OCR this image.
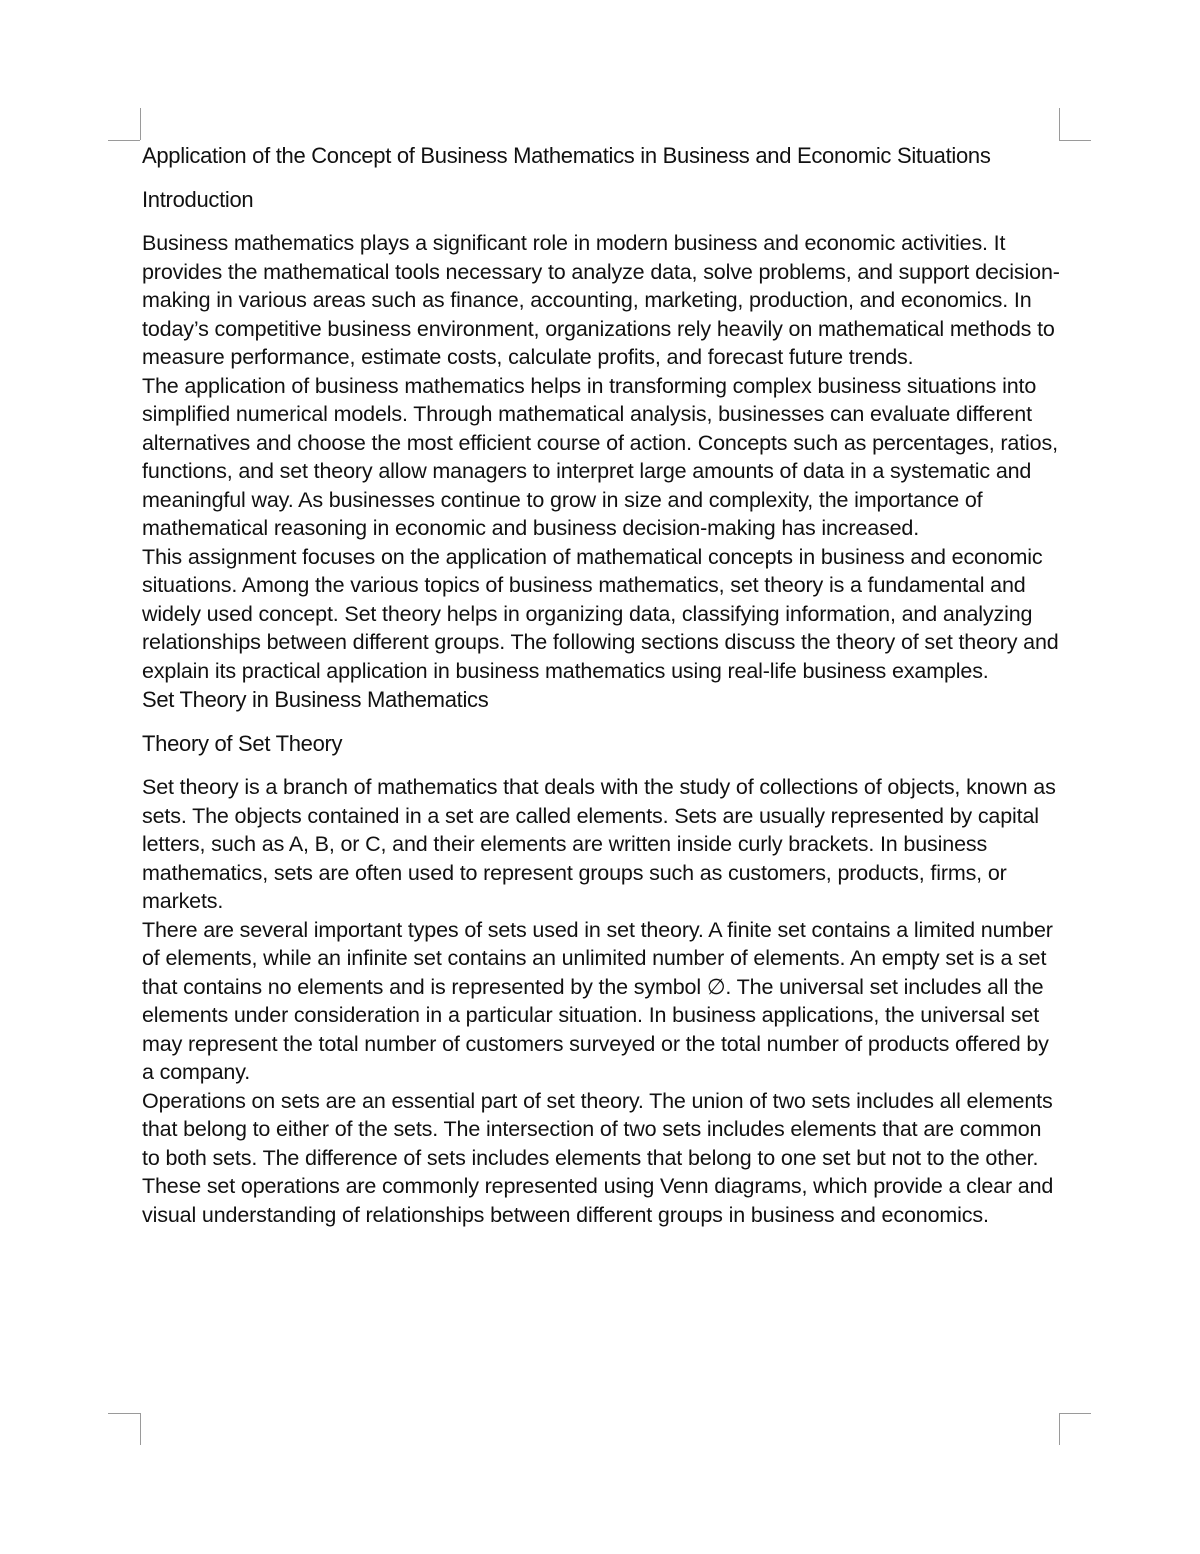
Application of the Concept of Business Mathematics in Business and Economic Situations
Introduction

Business mathematics plays a significant role in modern business and economic activities. It provides the mathematical tools necessary to analyze data, solve problems, and support decision-making in various areas such as finance, accounting, marketing, production, and economics. In today’s competitive business environment, organizations rely heavily on mathematical methods to measure performance, estimate costs, calculate profits, and forecast future trends.

The application of business mathematics helps in transforming complex business situations into simplified numerical models. Through mathematical analysis, businesses can evaluate different alternatives and choose the most efficient course of action. Concepts such as percentages, ratios, functions, and set theory allow managers to interpret large amounts of data in a systematic and meaningful way. As businesses continue to grow in size and complexity, the importance of mathematical reasoning in economic and business decision-making has increased.

This assignment focuses on the application of mathematical concepts in business and economic situations. Among the various topics of business mathematics, set theory is a fundamental and widely used concept. Set theory helps in organizing data, classifying information, and analyzing relationships between different groups. The following sections discuss the theory of set theory and explain its practical application in business mathematics using real-life business examples.

Set Theory in Business Mathematics
Theory of Set Theory

Set theory is a branch of mathematics that deals with the study of collections of objects, known as sets. The objects contained in a set are called elements. Sets are usually represented by capital letters, such as A, B, or C, and their elements are written inside curly brackets. In business mathematics, sets are often used to represent groups such as customers, products, firms, or markets.

There are several important types of sets used in set theory. A finite set contains a limited number of elements, while an infinite set contains an unlimited number of elements. An empty set is a set that contains no elements and is represented by the symbol ∅. The universal set includes all the elements under consideration in a particular situation. In business applications, the universal set may represent the total number of customers surveyed or the total number of products offered by a company.

Operations on sets are an essential part of set theory. The union of two sets includes all elements that belong to either of the sets. The intersection of two sets includes elements that are common to both sets. The difference of sets includes elements that belong to one set but not to the other. These set operations are commonly represented using Venn diagrams, which provide a clear and visual understanding of relationships between different groups in business and economics.
